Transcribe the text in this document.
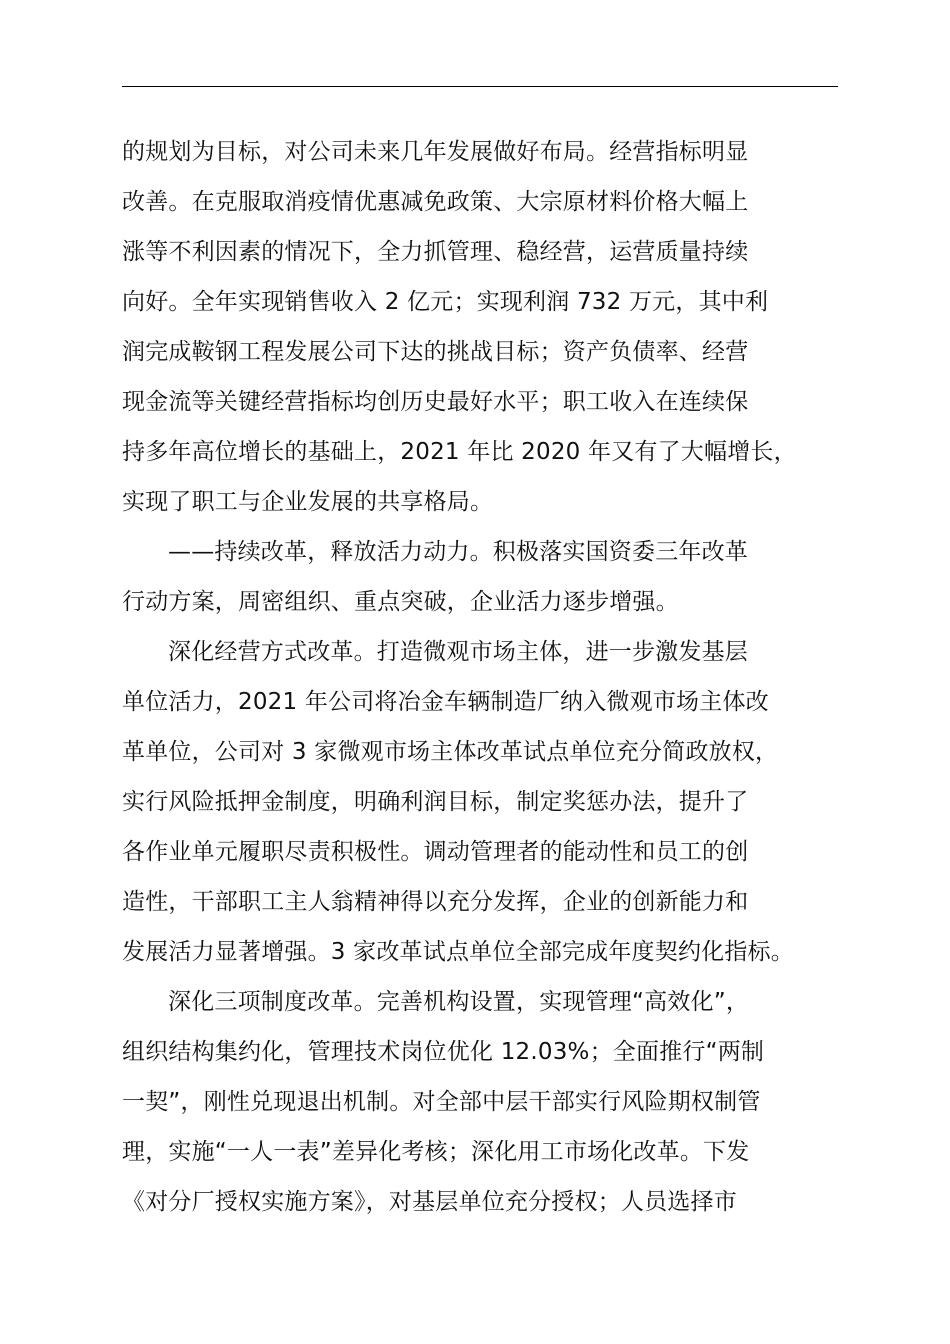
的规划为目标，对公司未来几年发展做好布局。经营指标明显
改善。在克服取消疫情优惠减免政策、大宗原材料价格大幅上
涨等不利因素的情况下，全力抓管理、稳经营，运营质量持续
向好。全年实现销售收入 2 亿元；实现利润 732 万元，其中利
润完成鞍钢工程发展公司下达的挑战目标；资产负债率、经营
现金流等关键经营指标均创历史最好水平；职工收入在连续保
持多年高位增长的基础上，2021 年比 2020 年又有了大幅增长，
实现了职工与企业发展的共享格局。
——持续改革，释放活力动力。积极落实国资委三年改革
行动方案，周密组织、重点突破，企业活力逐步增强。
深化经营方式改革。打造微观市场主体，进一步激发基层
单位活力，2021 年公司将冶金车辆制造厂纳入微观市场主体改
革单位，公司对 3 家微观市场主体改革试点单位充分简政放权，
实行风险抵押金制度，明确利润目标，制定奖惩办法，提升了
各作业单元履职尽责积极性。调动管理者的能动性和员工的创
造性，干部职工主人翁精神得以充分发挥，企业的创新能力和
发展活力显著增强。3 家改革试点单位全部完成年度契约化指标。
深化三项制度改革。完善机构设置，实现管理“高效化”，
组织结构集约化，管理技术岗位优化 12.03%；全面推行“两制
一契”，刚性兑现退出机制。对全部中层干部实行风险期权制管
理，实施“一人一表”差异化考核；深化用工市场化改革。下发
《对分厂授权实施方案》，对基层单位充分授权；人员选择市
